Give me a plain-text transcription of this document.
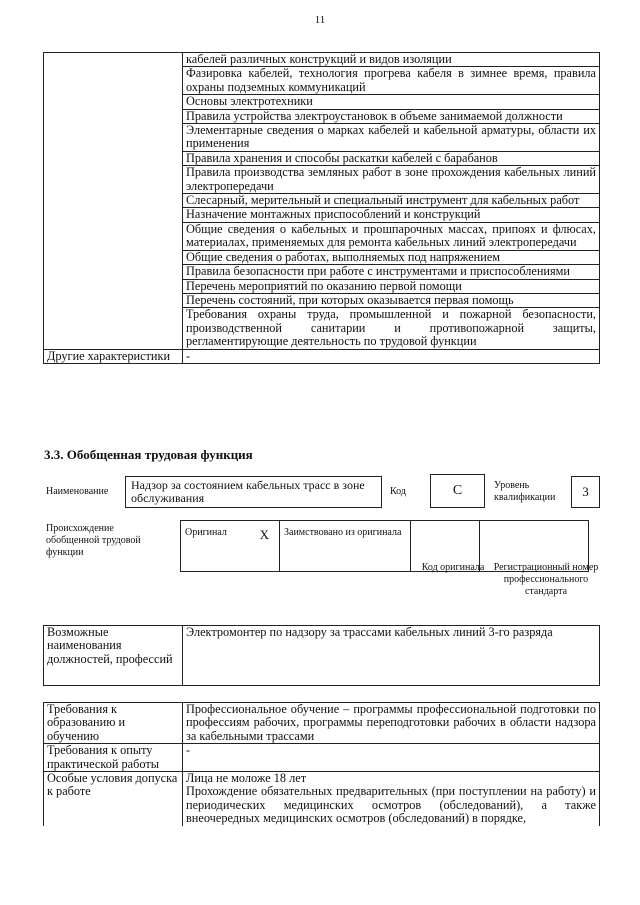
11
	кабелей различных конструкций и видов изоляции
	Фазировка кабелей, технология прогрева кабеля в зимнее время, правила охраны подземных коммуникаций
	Основы электротехники
	Правила устройства электроустановок в объеме занимаемой должности
	Элементарные сведения о марках кабелей и кабельной арматуры, области их применения
	Правила хранения и способы раскатки кабелей с барабанов
	Правила производства земляных работ в зоне прохождения кабельных линий электропередачи
	Слесарный, мерительный и специальный инструмент для кабельных работ
	Назначение монтажных приспособлений и конструкций
	Общие сведения о кабельных и прошпарочных массах, припоях и флюсах, материалах, применяемых для ремонта кабельных линий электропередачи
	Общие сведения о работах, выполняемых под напряжением
	Правила безопасности при работе с инструментами и приспособлениями
	Перечень мероприятий по оказанию первой помощи
	Перечень состояний, при которых оказывается первая помощь
	Требования охраны труда, промышленной и пожарной безопасности, производственной санитарии и противопожарной защиты, регламентирующие деятельность по трудовой функции
Другие характеристики	-
3.3. Обобщенная трудовая функция
Наименование	Надзор за состоянием кабельных трасс в зоне обслуживания	Код	C	Уровень квалификации	3
Происхождение обобщенной трудовой функции
Оригинал	X	Заимствовано из оригинала		
Код оригинала Регистрационный номер профессионального стандарта
Возможные наименования должностей, профессий	Электромонтер по надзору за трассами кабельных линий 3-го разряда
Требования к образованию и обучению	Профессиональное обучение – программы профессиональной подготовки по профессиям рабочих, программы переподготовки рабочих в области надзора за кабельными трассами
Требования к опыту практической работы	-
Особые условия допуска к работе	Лица не моложе 18 лет
	Прохождение обязательных предварительных (при поступлении на работу) и периодических медицинских осмотров (обследований), а также внеочередных медицинских осмотров (обследований) в порядке,
